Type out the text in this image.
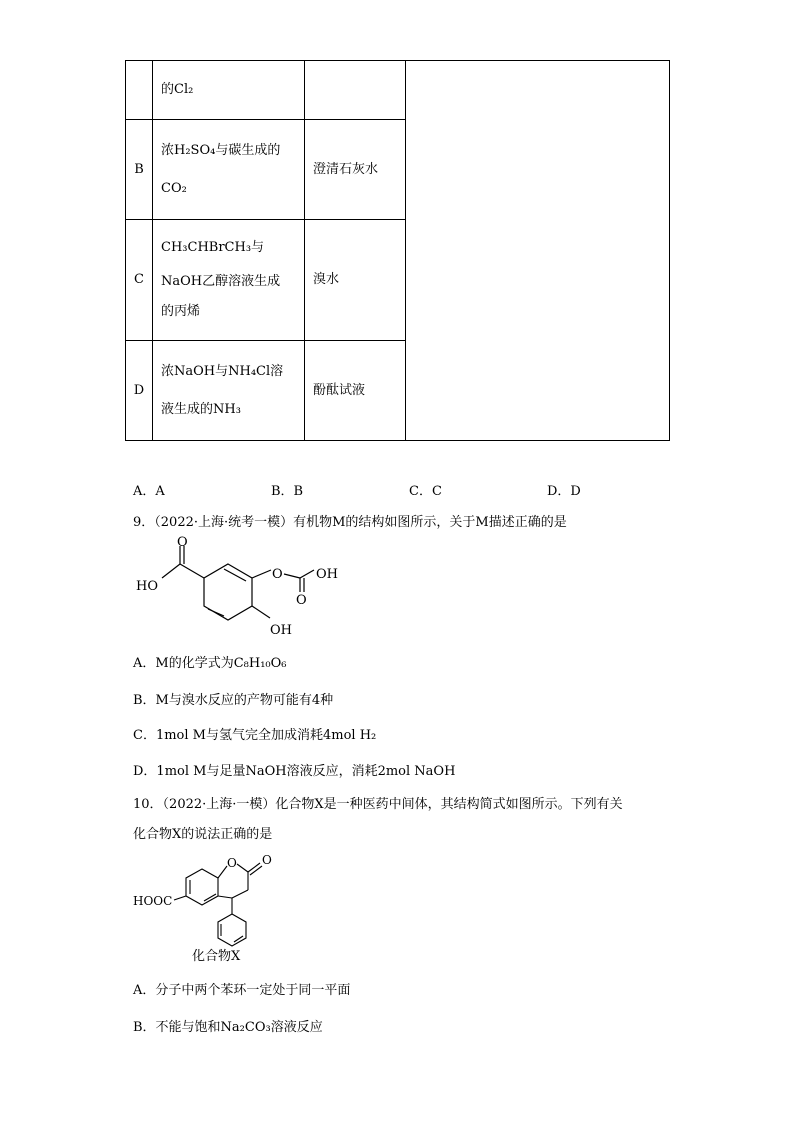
	的Cl₂		

B	浓H₂SO₄与碳生成的
CO₂	澄清石灰水	
C	CH₃CHBrCH₃与
NaOH乙醇溶液生成
的丙烯	溴水	
D	浓NaOH与NH₄Cl溶
液生成的NH₃	酚酞试液	
A．A	B．B	C．C	D．D
9．（2022·上海·统考一模）有机物M的结构如图所示，关于M描述正确的是
O
HO
O	OH
O
OH
A．M的化学式为C₈H₁₀O₆
B．M与溴水反应的产物可能有4种
C．1mol M与氢气完全加成消耗4mol H₂
D．1mol M与足量NaOH溶液反应，消耗2mol NaOH
10．（2022·上海·一模）化合物X是一种医药中间体，其结构简式如图所示。下列有关
化合物X的说法正确的是
O O
HOOC
化合物X
A．分子中两个苯环一定处于同一平面
B．不能与饱和Na₂CO₃溶液反应
